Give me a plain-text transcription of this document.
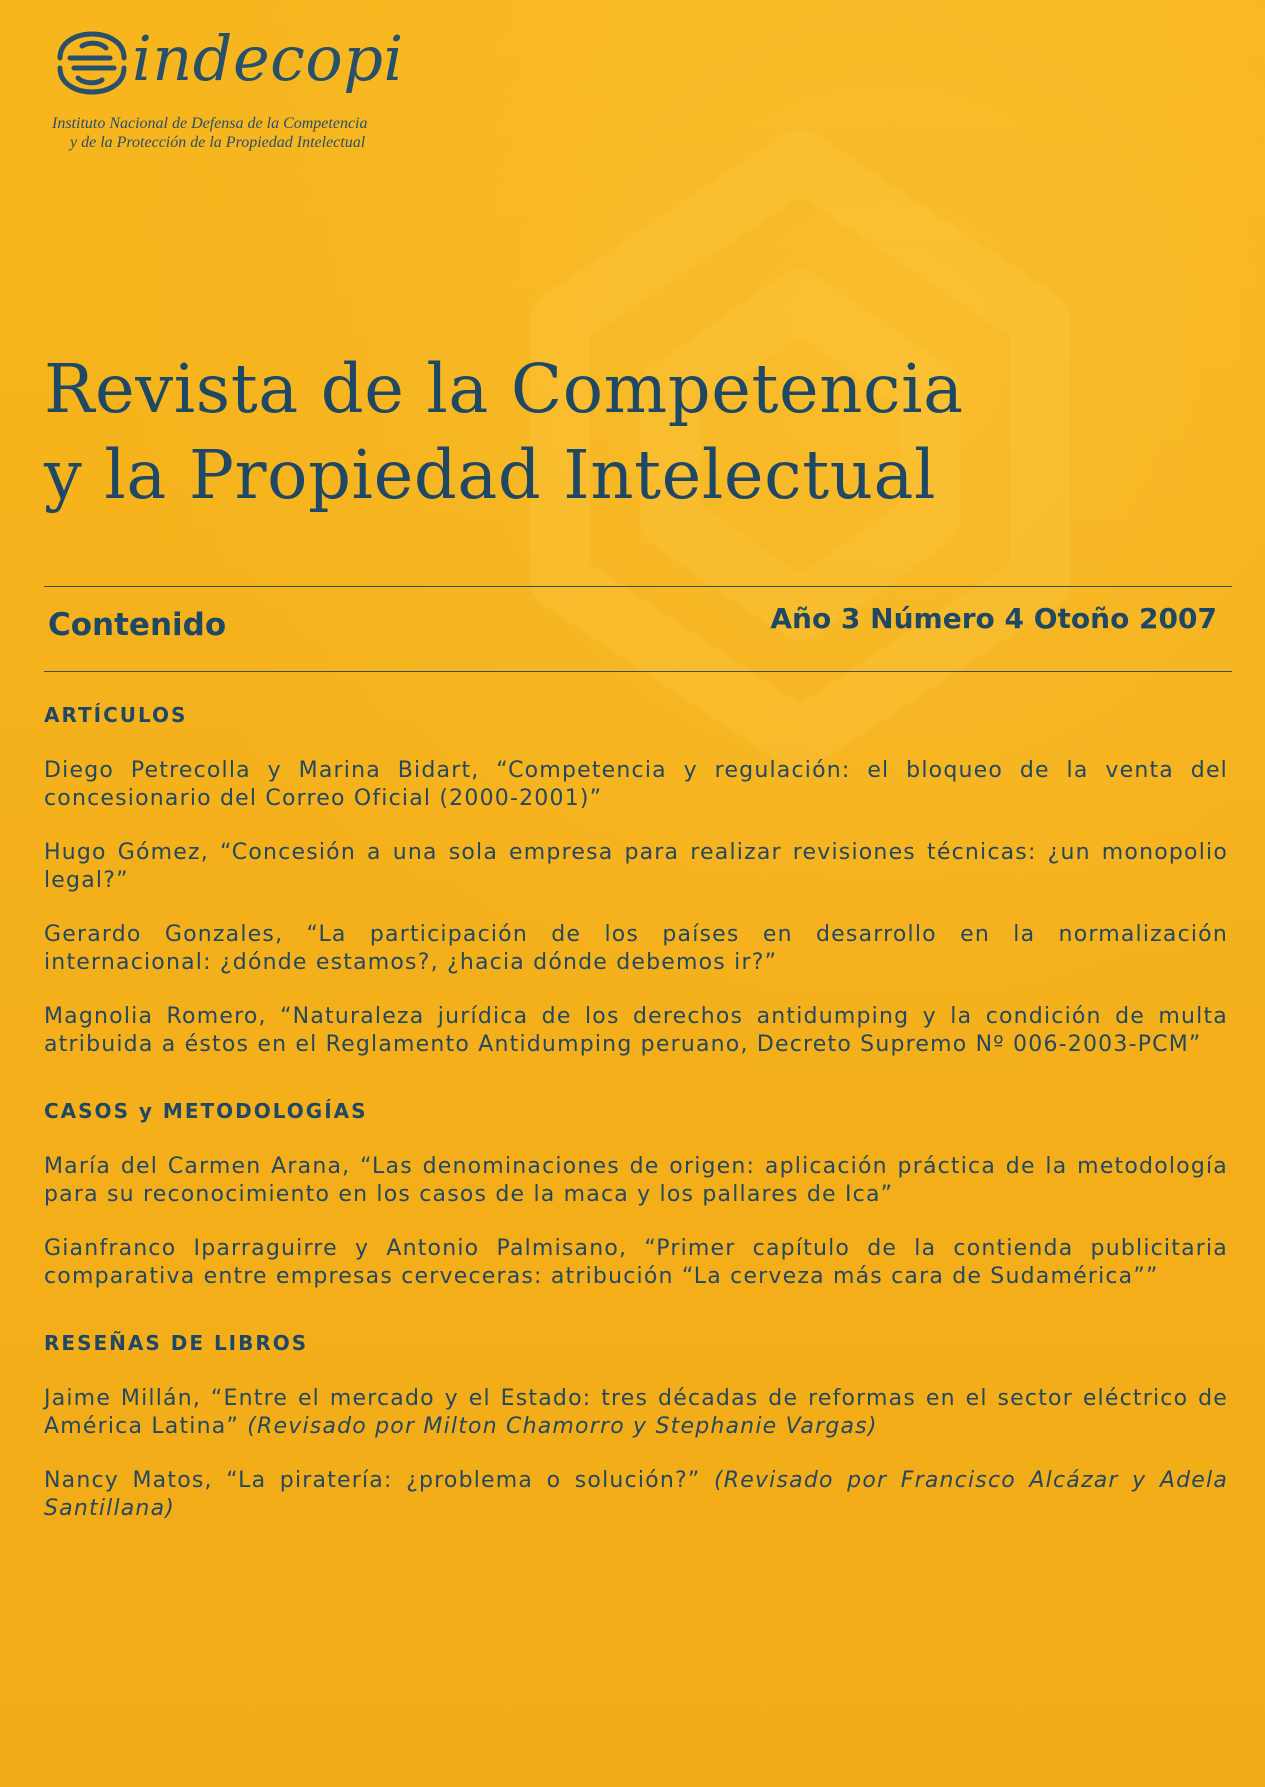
indecopi
Instituto Nacional de Defensa de la Competencia
y de la Protección de la Propiedad Intelectual
Revista de la Competencia
y la Propiedad Intelectual
Contenido	Año 3 Número 4 Otoño 2007
ARTÍCULOS
Diego Petrecolla y Marina Bidart, “Competencia y regulación: el bloqueo de la venta del concesionario del Correo Oficial (2000-2001)”
Hugo Gómez, “Concesión a una sola empresa para realizar revisiones técnicas: ¿un monopolio legal?”
Gerardo Gonzales, “La participación de los países en desarrollo en la normalización internacional: ¿dónde estamos?, ¿hacia dónde debemos ir?”
Magnolia Romero, “Naturaleza jurídica de los derechos antidumping y la condición de multa atribuida a éstos en el Reglamento Antidumping peruano, Decreto Supremo Nº 006-2003-PCM”
CASOS y METODOLOGÍAS
María del Carmen Arana, “Las denominaciones de origen: aplicación práctica de la metodología para su reconocimiento en los casos de la maca y los pallares de Ica”
Gianfranco Iparraguirre y Antonio Palmisano, “Primer capítulo de la contienda publicitaria comparativa entre empresas cerveceras: atribución “La cerveza más cara de Sudamérica””
RESEÑAS DE LIBROS
Jaime Millán, “Entre el mercado y el Estado: tres décadas de reformas en el sector eléctrico de América Latina” (Revisado por Milton Chamorro y Stephanie Vargas)
Nancy Matos, “La piratería: ¿problema o solución?” (Revisado por Francisco Alcázar y Adela Santillana)
